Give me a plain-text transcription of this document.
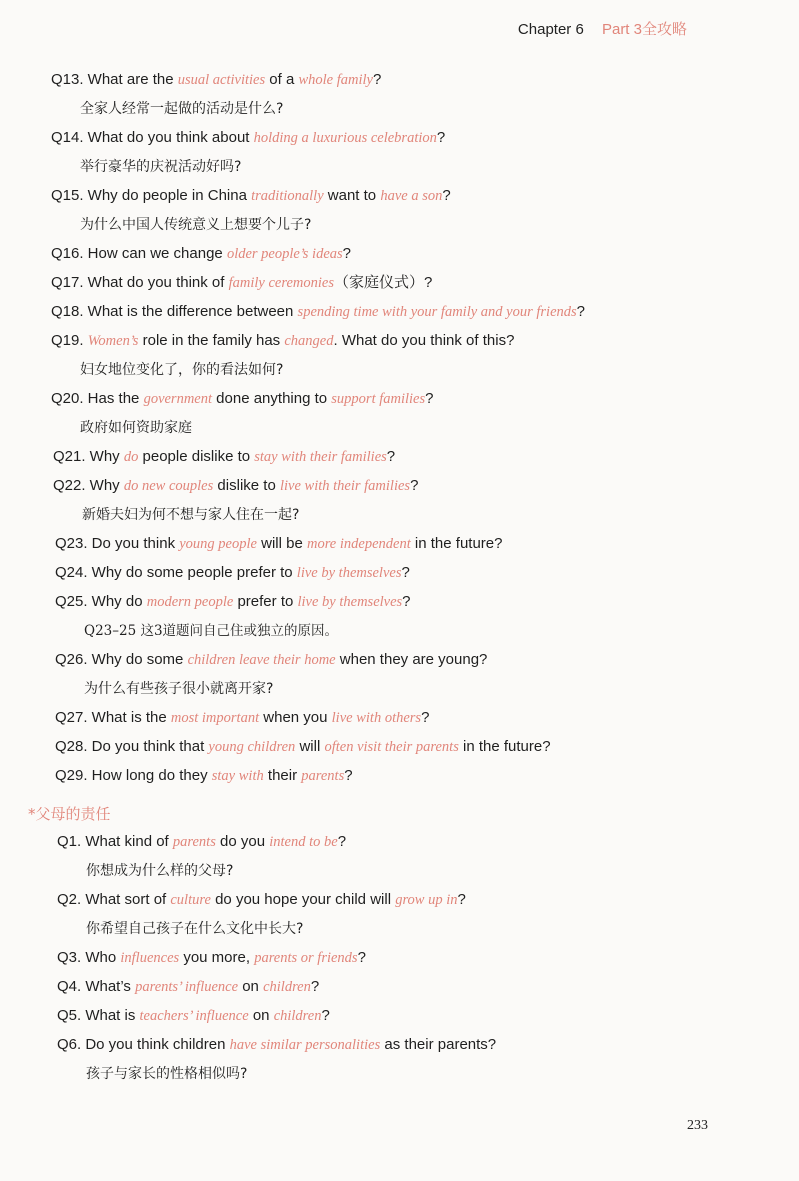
Chapter 6 Part 3全攻略
Q13. What are the usual activities of a whole family?
全家人经常一起做的活动是什么?
Q14. What do you think about holding a luxurious celebration?
举行豪华的庆祝活动好吗?
Q15. Why do people in China traditionally want to have a son?
为什么中国人传统意义上想要个儿子?
Q16. How can we change older people’s ideas?
Q17. What do you think of family ceremonies（家庭仪式）?
Q18. What is the difference between spending time with your family and your friends?
Q19. Women’s role in the family has changed. What do you think of this?
妇女地位变化了，你的看法如何?
Q20. Has the government done anything to support families?
政府如何资助家庭
Q21. Why do people dislike to stay with their families?
Q22. Why do new couples dislike to live with their families?
新婚夫妇为何不想与家人住在一起?
Q23. Do you think young people will be more independent in the future?
Q24. Why do some people prefer to live by themselves?
Q25. Why do modern people prefer to live by themselves?
Q23–25 这3道题问自己住或独立的原因。
Q26. Why do some children leave their home when they are young?
为什么有些孩子很小就离开家?
Q27. What is the most important when you live with others?
Q28. Do you think that young children will often visit their parents in the future?
Q29. How long do they stay with their parents?
*父母的责任
Q1. What kind of parents do you intend to be?
你想成为什么样的父母?
Q2. What sort of culture do you hope your child will grow up in?
你希望自己孩子在什么文化中长大?
Q3. Who influences you more, parents or friends?
Q4. What’s parents’ influence on children?
Q5. What is teachers’ influence on children?
Q6. Do you think children have similar personalities as their parents?
孩子与家长的性格相似吗?
233
